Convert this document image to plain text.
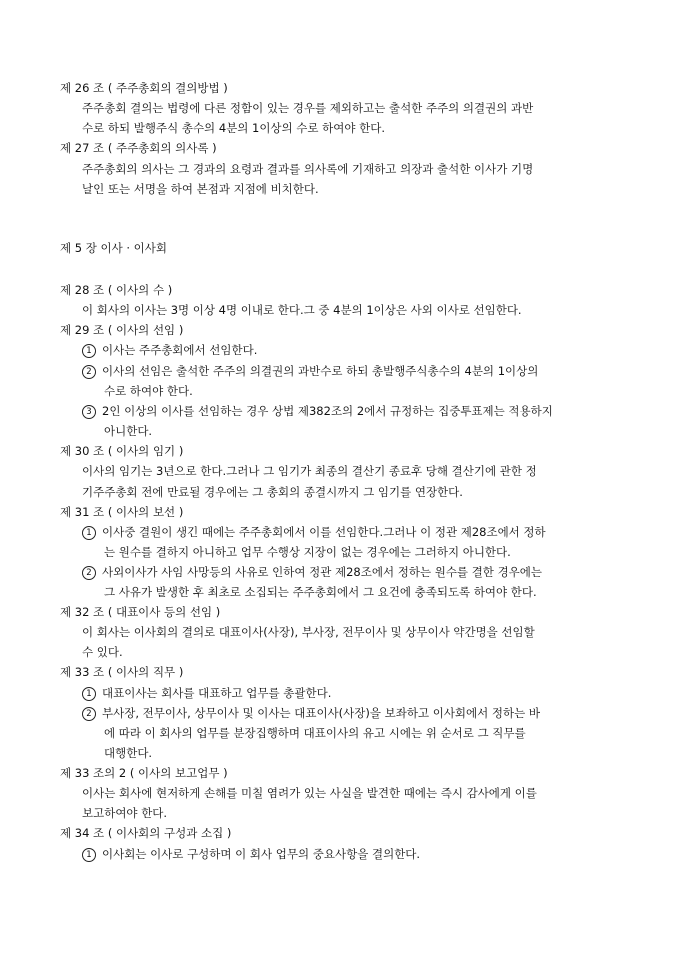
제 26 조 ( 주주총회의 결의방법 )
주주총회 결의는 법령에 다른 정함이 있는 경우를 제외하고는 출석한 주주의 의결권의 과반
수로 하되 발행주식 총수의 4분의 1이상의 수로 하여야 한다.
제 27 조 ( 주주총회의 의사록 )
주주총회의 의사는 그 경과의 요령과 결과를 의사록에 기재하고 의장과 출석한 이사가 기명
날인 또는 서명을 하여 본점과 지점에 비치한다.
제 5 장 이사 · 이사회
제 28 조 ( 이사의 수 )
이 회사의 이사는 3명 이상 4명 이내로 한다.그 중 4분의 1이상은 사외 이사로 선임한다.
제 29 조 ( 이사의 선임 )
1 이사는 주주총회에서 선임한다.
2 이사의 선임은 출석한 주주의 의결권의 과반수로 하되 총발행주식총수의 4분의 1이상의
수로 하여야 한다.
3 2인 이상의 이사를 선임하는 경우 상법 제382조의 2에서 규정하는 집중투표제는 적용하지
아니한다.
제 30 조 ( 이사의 임기 )
이사의 임기는 3년으로 한다.그러나 그 임기가 최종의 결산기 종료후 당해 결산기에 관한 정
기주주총회 전에 만료될 경우에는 그 총회의 종결시까지 그 임기를 연장한다.
제 31 조 ( 이사의 보선 )
1 이사중 결원이 생긴 때에는 주주총회에서 이를 선임한다.그러나 이 정관 제28조에서 정하
는 원수를 결하지 아니하고 업무 수행상 지장이 없는 경우에는 그러하지 아니한다.
2 사외이사가 사임 사망등의 사유로 인하여 정관 제28조에서 정하는 원수를 결한 경우에는
그 사유가 발생한 후 최초로 소집되는 주주총회에서 그 요건에 충족되도록 하여야 한다.
제 32 조 ( 대표이사 등의 선임 )
이 회사는 이사회의 결의로 대표이사(사장), 부사장, 전무이사 및 상무이사 약간명을 선임할
수 있다.
제 33 조 ( 이사의 직무 )
1 대표이사는 회사를 대표하고 업무를 총괄한다.
2 부사장, 전무이사, 상무이사 및 이사는 대표이사(사장)을 보좌하고 이사회에서 정하는 바
에 따라 이 회사의 업무를 분장집행하며 대표이사의 유고 시에는 위 순서로 그 직무를
대행한다.
제 33 조의 2 ( 이사의 보고업무 )
이사는 회사에 현저하게 손해를 미칠 염려가 있는 사실을 발견한 때에는 즉시 감사에게 이를
보고하여야 한다.
제 34 조 ( 이사회의 구성과 소집 )
1 이사회는 이사로 구성하며 이 회사 업무의 중요사항을 결의한다.
